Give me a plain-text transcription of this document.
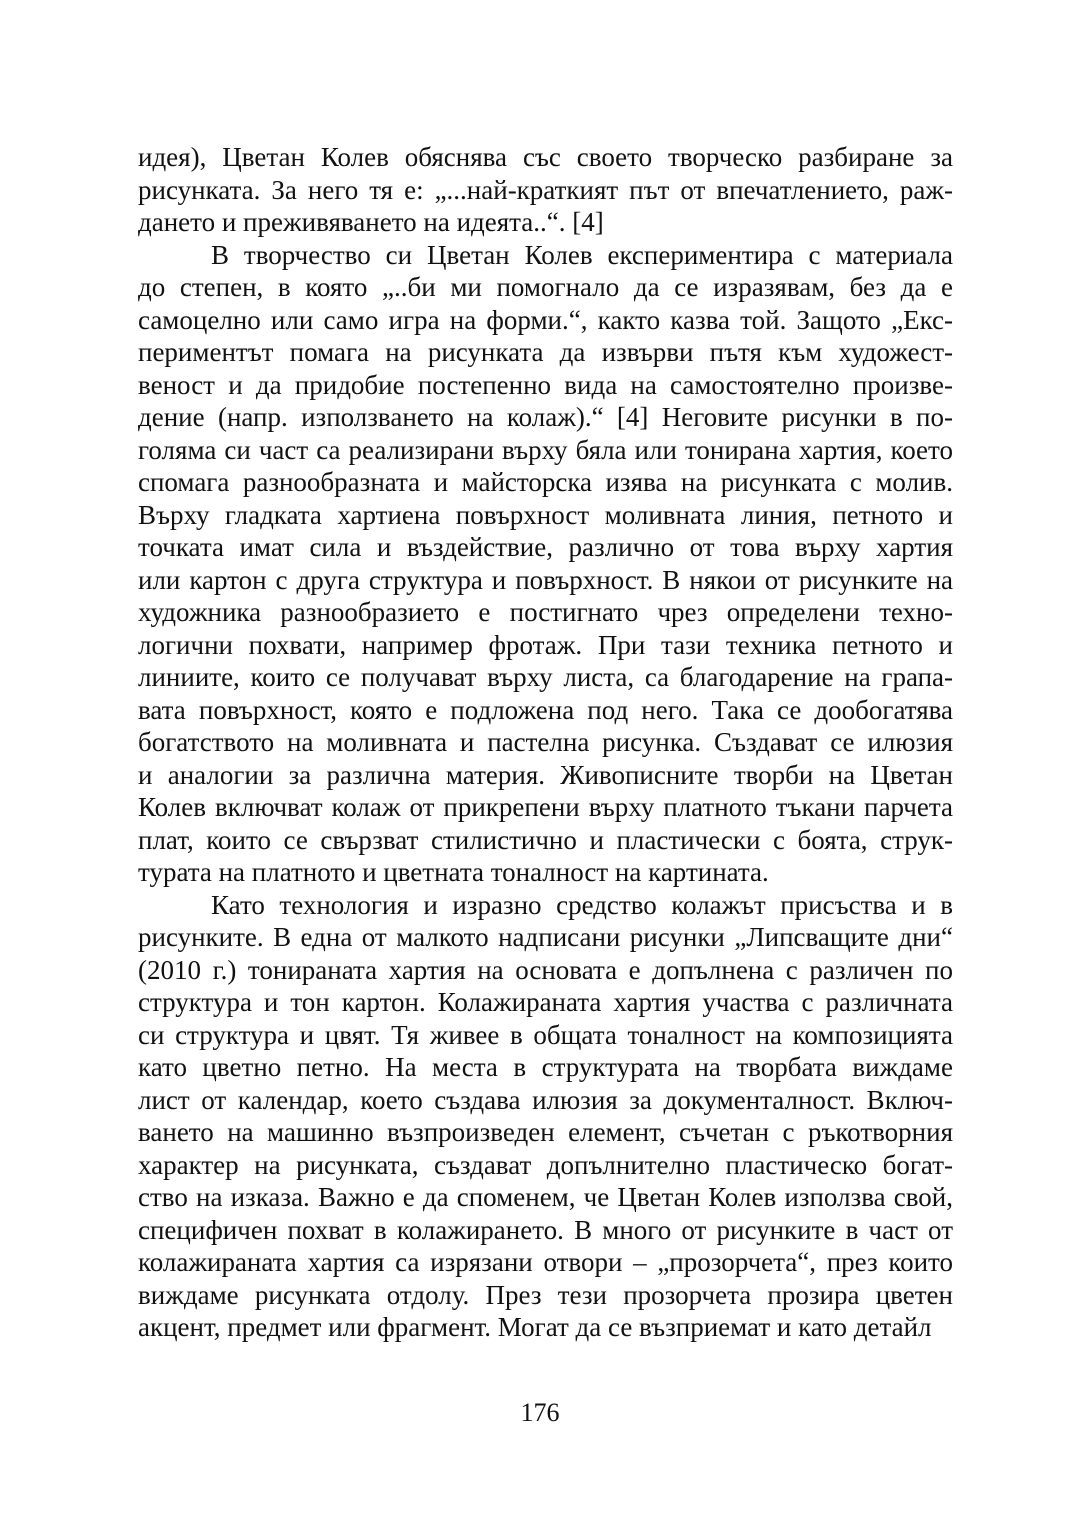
идея), Цветан Колев обяснява със своето творческо разбиране за
рисунката. За него тя е: „...най-краткият път от впечатлението, раж-
дането и преживяването на идеята..“. [4]
В творчество си Цветан Колев експериментира с материала
до степен, в която „..би ми помогнало да се изразявам, без да е
самоцелно или само игра на форми.“, както казва той. Защото „Екс-
периментът помага на рисунката да извърви пътя към художест-
веност и да придобие постепенно вида на самостоятелно произве-
дение (напр. използването на колаж).“ [4] Неговите рисунки в по-
голяма си част са реализирани върху бяла или тонирана хартия, което
спомага разнообразната и майсторска изява на рисунката с молив.
Върху гладката хартиена повърхност моливната линия, петното и
точката имат сила и въздействие, различно от това върху хартия
или картон с друга структура и повърхност. В някои от рисунките на
художника разнообразието е постигнато чрез определени техно-
логични похвати, например фротаж. При тази техника петното и
линиите, които се получават върху листа, са благодарение на грапа-
вата повърхност, която е подложена под него. Така се дообогатява
богатството на моливната и пастелна рисунка. Създават се илюзия
и аналогии за различна материя. Живописните творби на Цветан
Колев включват колаж от прикрепени върху платното тъкани парчета
плат, които се свързват стилистично и пластически с боята, струк-
турата на платното и цветната тоналност на картината.
Като технология и изразно средство колажът присъства и в
рисунките. В една от малкото надписани рисунки „Липсващите дни“
(2010 г.) тонираната хартия на основата е допълнена с различен по
структура и тон картон. Колажираната хартия участва с различната
си структура и цвят. Тя живее в общата тоналност на композицията
като цветно петно. На места в структурата на творбата виждаме
лист от календар, което създава илюзия за документалност. Включ-
ването на машинно възпроизведен елемент, съчетан с ръкотворния
характер на рисунката, създават допълнително пластическо богат-
ство на изказа. Важно е да споменем, че Цветан Колев използва свой,
специфичен похват в колажирането. В много от рисунките в част от
колажираната хартия са изрязани отвори – „прозорчета“, през които
виждаме рисунката отдолу. През тези прозорчета прозира цветен
акцент, предмет или фрагмент. Могат да се възприемат и като детайл
176
